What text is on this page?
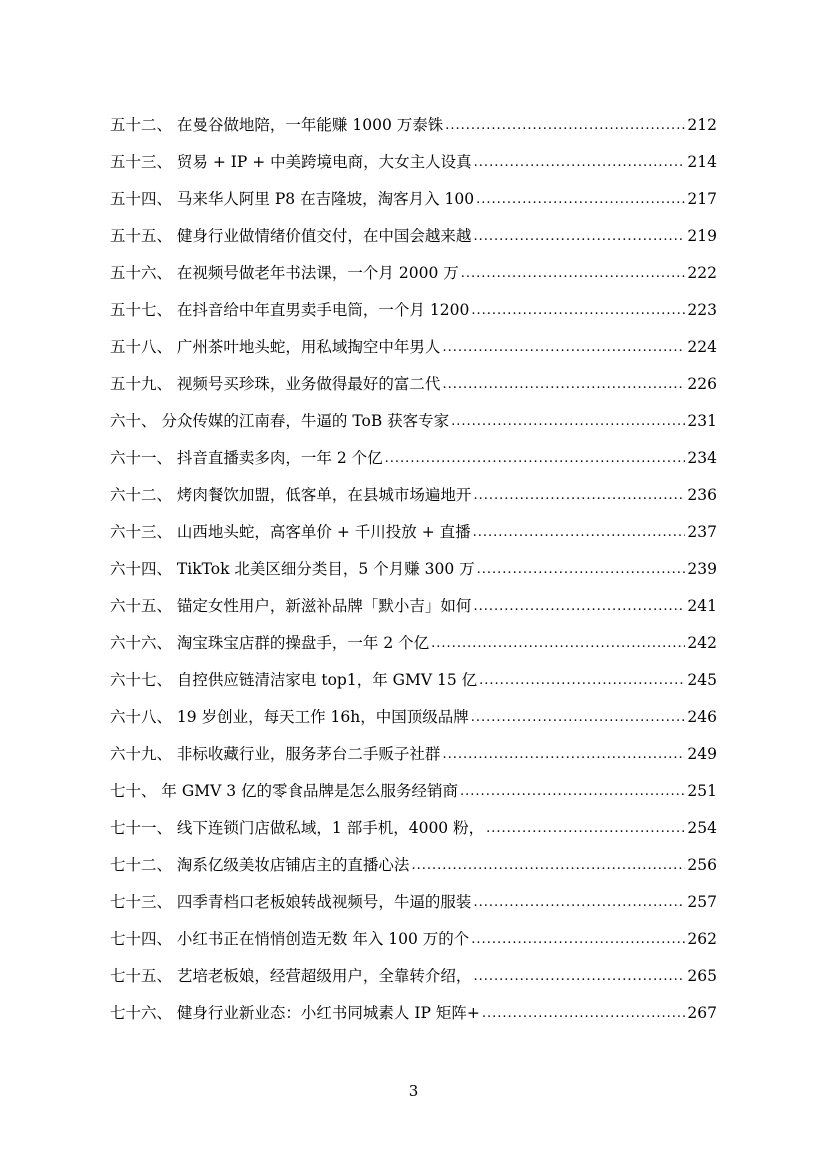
五十二、 在曼谷做地陪，一年能赚 1000 万泰铢 .....	212
五十三、 贸易 + IP + 中美跨境电商，大女主人设真 .....	214
五十四、 马来华人阿里 P8 在吉隆坡，淘客月入 100 .....	217
五十五、 健身行业做情绪价值交付，在中国会越来越 .....	219
五十六、 在视频号做老年书法课，一个月 2000 万 .....	222
五十七、 在抖音给中年直男卖手电筒，一个月 1200 .....	223
五十八、 广州茶叶地头蛇，用私域掏空中年男人 .....	224
五十九、 视频号买珍珠，业务做得最好的富二代 .....	226
六十、 分众传媒的江南春，牛逼的 ToB 获客专家 .....	231
六十一、 抖音直播卖多肉，一年 2 个亿 .....	234
六十二、 烤肉餐饮加盟，低客单，在县城市场遍地开 .....	236
六十三、 山西地头蛇，高客单价 + 千川投放 + 直播 .....	237
六十四、 TikTok 北美区细分类目，5 个月赚 300 万 .....	239
六十五、 锚定女性用户，新滋补品牌「默小吉」如何 .....	241
六十六、 淘宝珠宝店群的操盘手，一年 2 个亿 .....	242
六十七、 自控供应链清洁家电 top1，年 GMV 15 亿 .....	245
六十八、 19 岁创业，每天工作 16h，中国顶级品牌 .....	246
六十九、 非标收藏行业，服务茅台二手贩子社群 .....	249
七十、 年 GMV 3 亿的零食品牌是怎么服务经销商 .....	251
七十一、 线下连锁门店做私域，1 部手机，4000 粉， .....	254
七十二、 淘系亿级美妆店铺店主的直播心法 .....	256
七十三、 四季青档口老板娘转战视频号，牛逼的服装 .....	257
七十四、 小红书正在悄悄创造无数 年入 100 万的个 .....	262
七十五、 艺培老板娘，经营超级用户，全靠转介绍， .....	265
七十六、 健身行业新业态：小红书同城素人 IP 矩阵+ .....	267
3
